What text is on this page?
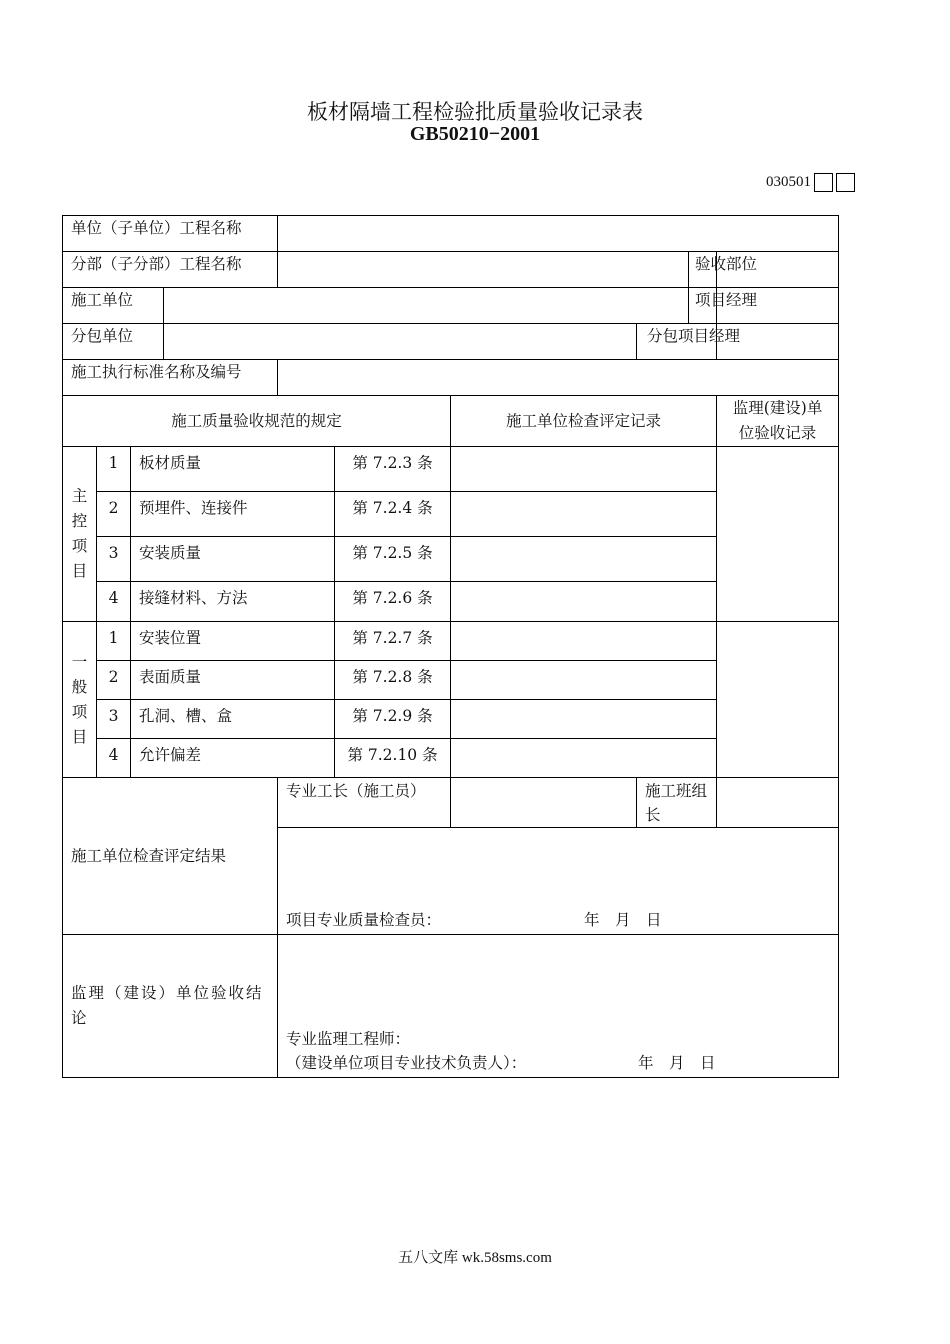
板材隔墙工程检验批质量验收记录表
GB50210−2001
030501
单位（子单位）工程名称									
分部（子分部）工程名称								验收部位	
施工单位								项目经理	
分包单位							分包项目经理		
施工执行标准名称及编号									
施工质量验收规范的规定						施工单位检查评定记录			监理(建设)单位验收记录
主
控
项
目	1	板材质量			第 7.2.3 条				
	2	预埋件、连接件			第 7.2.4 条				
	3	安装质量			第 7.2.5 条				
	4	接缝材料、方法			第 7.2.6 条				
一
般
项
目	1	安装位置			第 7.2.7 条				
	2	表面质量			第 7.2.8 条				
	3	孔洞、槽、盒			第 7.2.9 条				
	4	允许偏差			第 7.2.10 条				
施工单位检查评定结果				专业工长（施工员）			施工班组长		

				项目专业质量检查员： 年　月　日					

监理（建设）单位验收结论				专业监理工程师：
（建设单位项目专业技术负责人）： 年　月　日					
五八文库 wk.58sms.com
